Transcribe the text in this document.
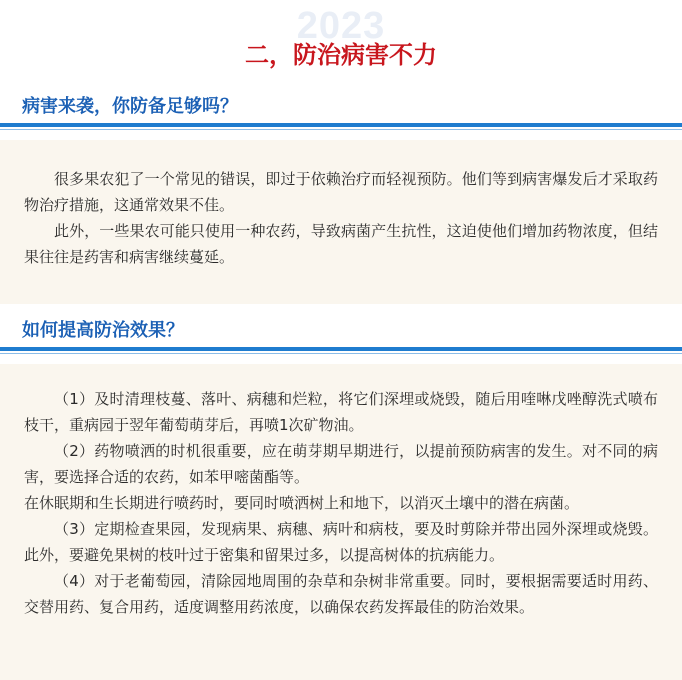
2023
二，防治病害不力
病害来袭，你防备足够吗？

很多果农犯了一个常见的错误，即过于依赖治疗而轻视预防。他们等到病害爆发后才采取药物治疗措施，这通常效果不佳。

此外，一些果农可能只使用一种农药，导致病菌产生抗性，这迫使他们增加药物浓度，但结果往往是药害和病害继续蔓延。

如何提高防治效果？

（1）及时清理枝蔓、落叶、病穗和烂粒，将它们深埋或烧毁，随后用喹啉戊唑醇洗式喷布枝干，重病园于翌年葡萄萌芽后，再喷1次矿物油。

（2）药物喷洒的时机很重要，应在萌芽期早期进行，以提前预防病害的发生。对不同的病害，要选择合适的农药，如苯甲嘧菌酯等。

在休眠期和生长期进行喷药时，要同时喷洒树上和地下，以消灭土壤中的潜在病菌。

（3）定期检查果园，发现病果、病穗、病叶和病枝，要及时剪除并带出园外深埋或烧毁。此外，要避免果树的枝叶过于密集和留果过多，以提高树体的抗病能力。

（4）对于老葡萄园，清除园地周围的杂草和杂树非常重要。同时，要根据需要适时用药、交替用药、复合用药，适度调整用药浓度，以确保农药发挥最佳的防治效果。
